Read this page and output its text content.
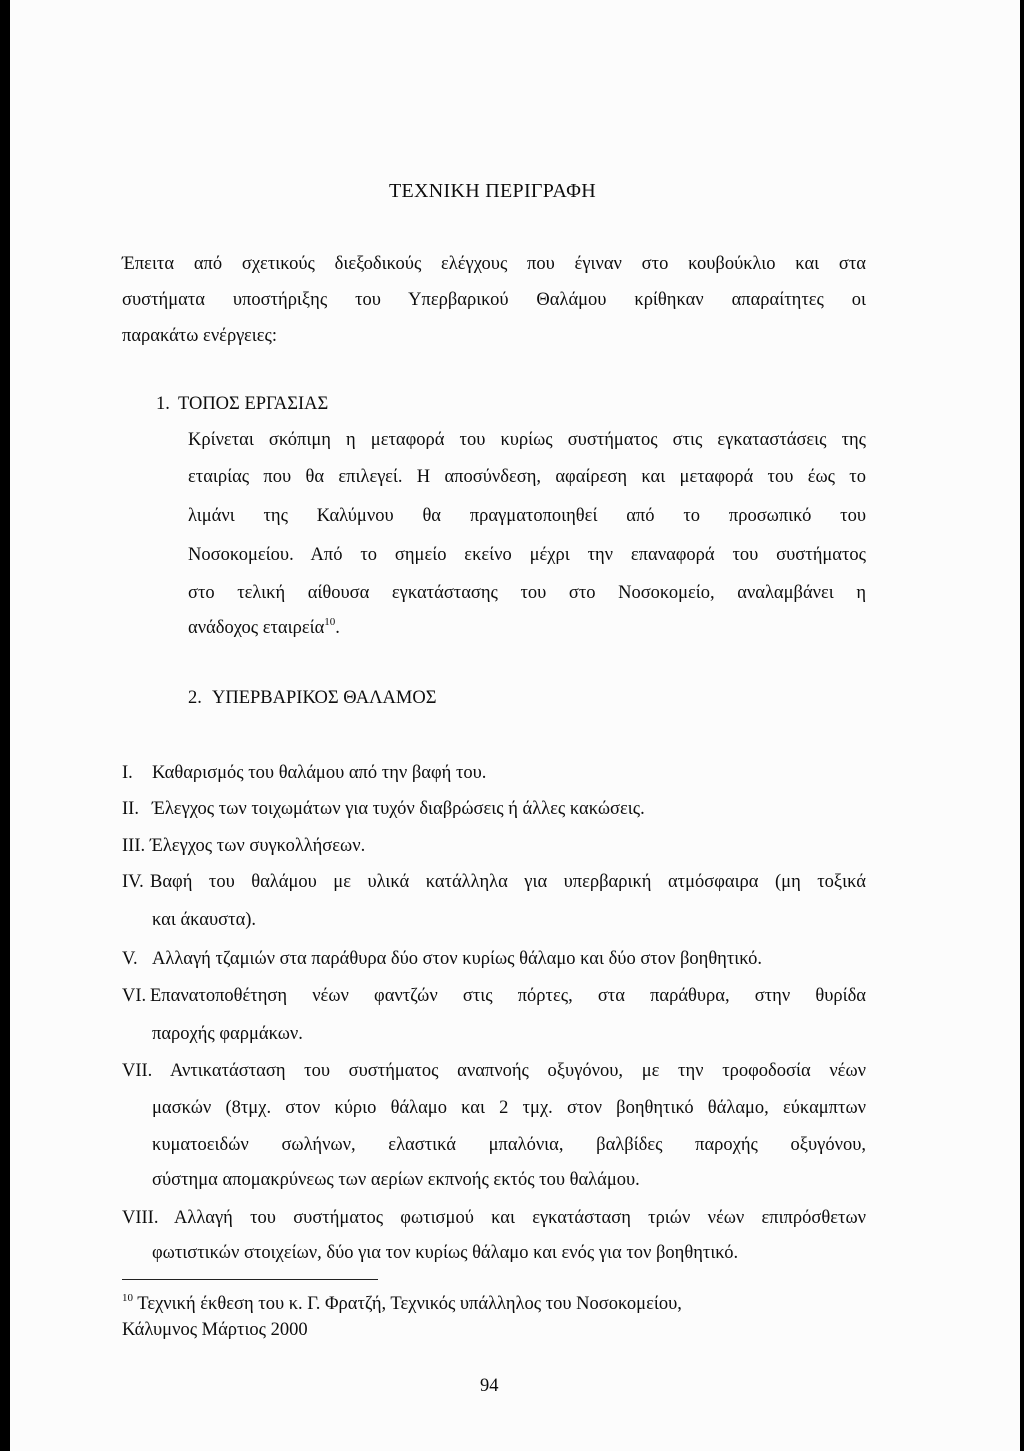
ΤΕΧΝΙΚΗ ΠΕΡΙΓΡΑΦΗ
Έπειτα από σχετικούς διεξοδικούς ελέγχους που έγιναν στο κουβούκλιο και στα
συστήματα υποστήριξης του Υπερβαρικού Θαλάμου κρίθηκαν απαραίτητες οι
παρακάτω ενέργειες:
1. ΤΟΠΟΣ ΕΡΓΑΣΙΑΣ
Κρίνεται σκόπιμη η μεταφορά του κυρίως συστήματος στις εγκαταστάσεις της
εταιρίας που θα επιλεγεί. Η αποσύνδεση, αφαίρεση και μεταφορά του έως το
λιμάνι της Καλύμνου θα πραγματοποιηθεί από το προσωπικό του
Νοσοκομείου. Από το σημείο εκείνο μέχρι την επαναφορά του συστήματος
στο τελική αίθουσα εγκατάστασης του στο Νοσοκομείο, αναλαμβάνει η
ανάδοχος εταιρεία$^{10}$.
2. ΥΠΕΡΒΑΡΙΚΟΣ ΘΑΛΑΜΟΣ
I. Καθαρισμός του θαλάμου από την βαφή του.
II. Έλεγχος των τοιχωμάτων για τυχόν διαβρώσεις ή άλλες κακώσεις.
III. Έλεγχος των συγκολλήσεων.
IV. Βαφή του θαλάμου με υλικά κατάλληλα για υπερβαρική ατμόσφαιρα (μη τοξικά
και άκαυστα).
V. Αλλαγή τζαμιών στα παράθυρα δύο στον κυρίως θάλαμο και δύο στον βοηθητικό.
VI. Επανατοποθέτηση νέων φαντζών στις πόρτες, στα παράθυρα, στην θυρίδα
παροχής φαρμάκων.
VII. Αντικατάσταση του συστήματος αναπνοής οξυγόνου, με την τροφοδοσία νέων
μασκών (8τμχ. στον κύριο θάλαμο και 2 τμχ. στον βοηθητικό θάλαμο, εύκαμπτων
κυματοειδών σωλήνων, ελαστικά μπαλόνια, βαλβίδες παροχής οξυγόνου,
σύστημα απομακρύνεως των αερίων εκπνοής εκτός του θαλάμου.
VIII. Αλλαγή του συστήματος φωτισμού και εγκατάσταση τριών νέων επιπρόσθετων
φωτιστικών στοιχείων, δύο για τον κυρίως θάλαμο και ενός για τον βοηθητικό.
$^{10}$ Τεχνική έκθεση του κ. Γ. Φρατζή, Τεχνικός υπάλληλος του Νοσοκομείου,
Κάλυμνος Μάρτιος 2000
94
